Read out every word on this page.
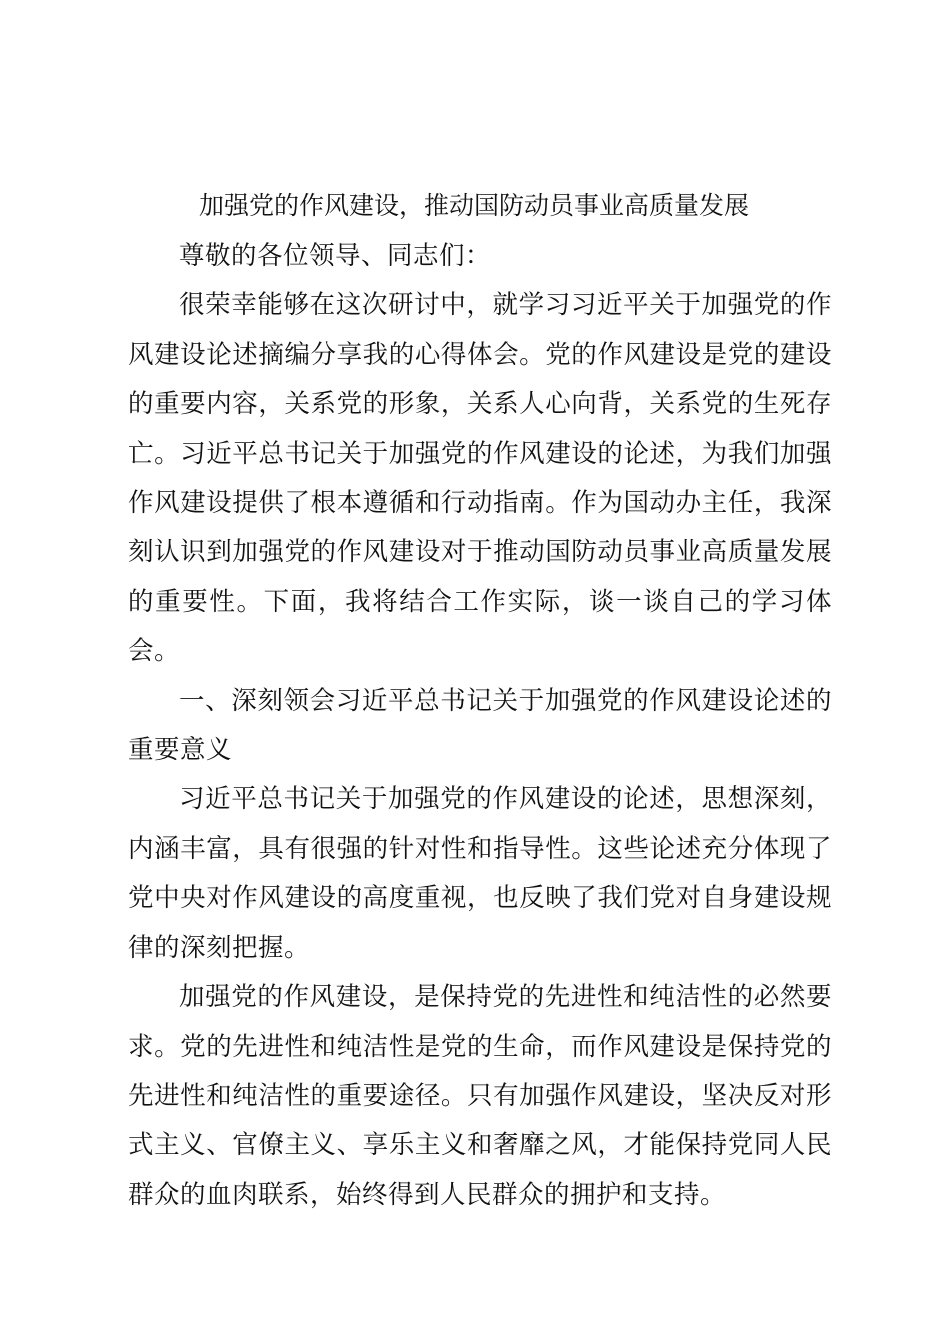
加强党的作风建设，推动国防动员事业高质量发展

尊敬的各位领导、同志们：

很荣幸能够在这次研讨中，就学习习近平关于加强党的作风建设论述摘编分享我的心得体会。党的作风建设是党的建设的重要内容，关系党的形象，关系人心向背，关系党的生死存亡。习近平总书记关于加强党的作风建设的论述，为我们加强作风建设提供了根本遵循和行动指南。作为国动办主任，我深刻认识到加强党的作风建设对于推动国防动员事业高质量发展的重要性。下面，我将结合工作实际，谈一谈自己的学习体会。

一、深刻领会习近平总书记关于加强党的作风建设论述的重要意义

习近平总书记关于加强党的作风建设的论述，思想深刻，内涵丰富，具有很强的针对性和指导性。这些论述充分体现了党中央对作风建设的高度重视，也反映了我们党对自身建设规律的深刻把握。

加强党的作风建设，是保持党的先进性和纯洁性的必然要求。党的先进性和纯洁性是党的生命，而作风建设是保持党的先进性和纯洁性的重要途径。只有加强作风建设，坚决反对形式主义、官僚主义、享乐主义和奢靡之风，才能保持党同人民群众的血肉联系，始终得到人民群众的拥护和支持。
